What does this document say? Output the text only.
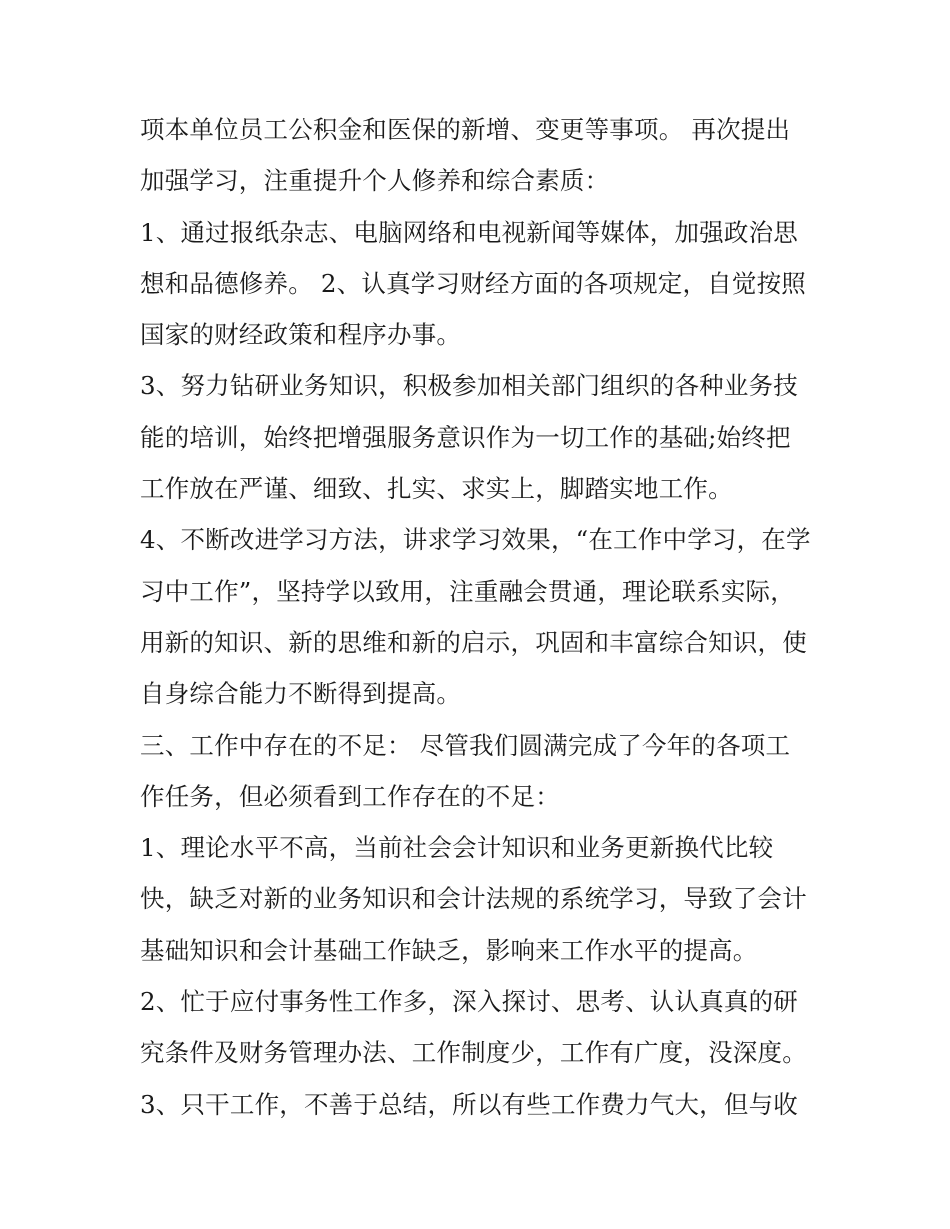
项本单位员工公积金和医保的新增、变更等事项。 再次提出
加强学习，注重提升个人修养和综合素质：
1、通过报纸杂志、电脑网络和电视新闻等媒体，加强政治思
想和品德修养。 2、认真学习财经方面的各项规定，自觉按照
国家的财经政策和程序办事。
3、努力钻研业务知识，积极参加相关部门组织的各种业务技
能的培训，始终把增强服务意识作为一切工作的基础;始终把
工作放在严谨、细致、扎实、求实上，脚踏实地工作。
4、不断改进学习方法，讲求学习效果，“在工作中学习，在学
习中工作”，坚持学以致用，注重融会贯通，理论联系实际，
用新的知识、新的思维和新的启示，巩固和丰富综合知识，使
自身综合能力不断得到提高。
三、工作中存在的不足： 尽管我们圆满完成了今年的各项工
作任务，但必须看到工作存在的不足：
1、理论水平不高，当前社会会计知识和业务更新换代比较
快，缺乏对新的业务知识和会计法规的系统学习，导致了会计
基础知识和会计基础工作缺乏，影响来工作水平的提高。
2、忙于应付事务性工作多，深入探讨、思考、认认真真的研
究条件及财务管理办法、工作制度少，工作有广度，没深度。
3、只干工作，不善于总结，所以有些工作费力气大，但与收
